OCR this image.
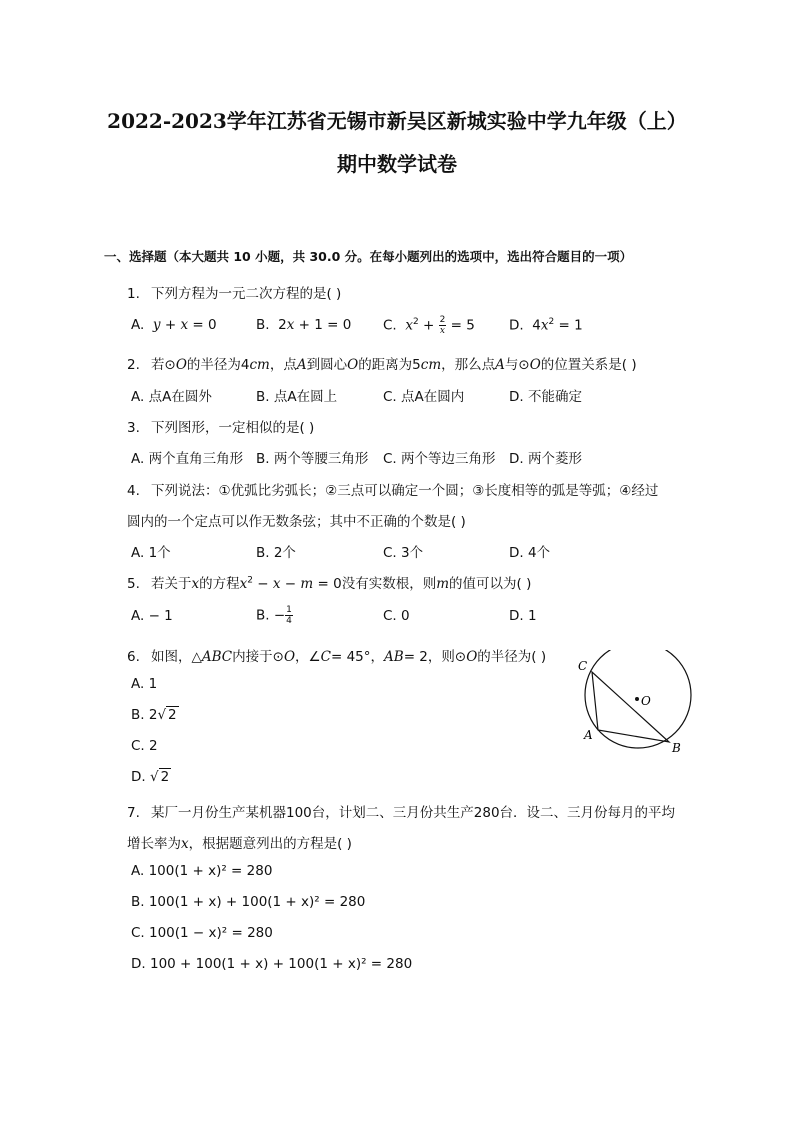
2022-2023学年江苏省无锡市新吴区新城实验中学九年级（上）
期中数学试卷
一、选择题（本大题共 10 小题，共 30.0 分。在每小题列出的选项中，选出符合题目的一项）
1. 下列方程为一元二次方程的是( )
A. y + x = 0	B.  2x + 1 = 0 C. $x^2 + \frac{2}{x} = 5$	D.  $4x^2 = 1$
2. 若⊙O的半径为4cm，点A到圆心O的距离为5cm，那么点A与⊙O的位置关系是( )
A. 点A在圆外	B. 点A在圆上	C. 点A在圆内	D. 不能确定
3. 下列图形，一定相似的是( )
A. 两个直角三角形 B. 两个等腰三角形 C. 两个等边三角形 D. 两个菱形
4. 下列说法：①优弧比劣弧长；②三点可以确定一个圆；③长度相等的弧是等弧；④经过
圆内的一个定点可以作无数条弦；其中不正确的个数是( )
A. 1个	B. 2个	C. 3个	D. 4个
5. 若关于x的方程$x^2 - x - m = 0$没有实数根，则m的值可以为( )
A. − 1	B. − $\frac{1}{4}$	C. 0	D. 1
6. 如图，△ABC内接于⊙O，∠C= 45°，AB= 2，则⊙O的半径为( )
A. 1
B. 2√ 2
C. 2
D. √ 2
C
O
A
B
7. 某厂一月份生产某机器100台，计划二、三月份共生产280台．设二、三月份每月的平均
增长率为x，根据题意列出的方程是( )
A. 100(1 + x)² = 280
B. 100(1 + x) + 100(1 + x)² = 280
C. 100(1 − x)² = 280
D. 100 + 100(1 + x) + 100(1 + x)² = 280
